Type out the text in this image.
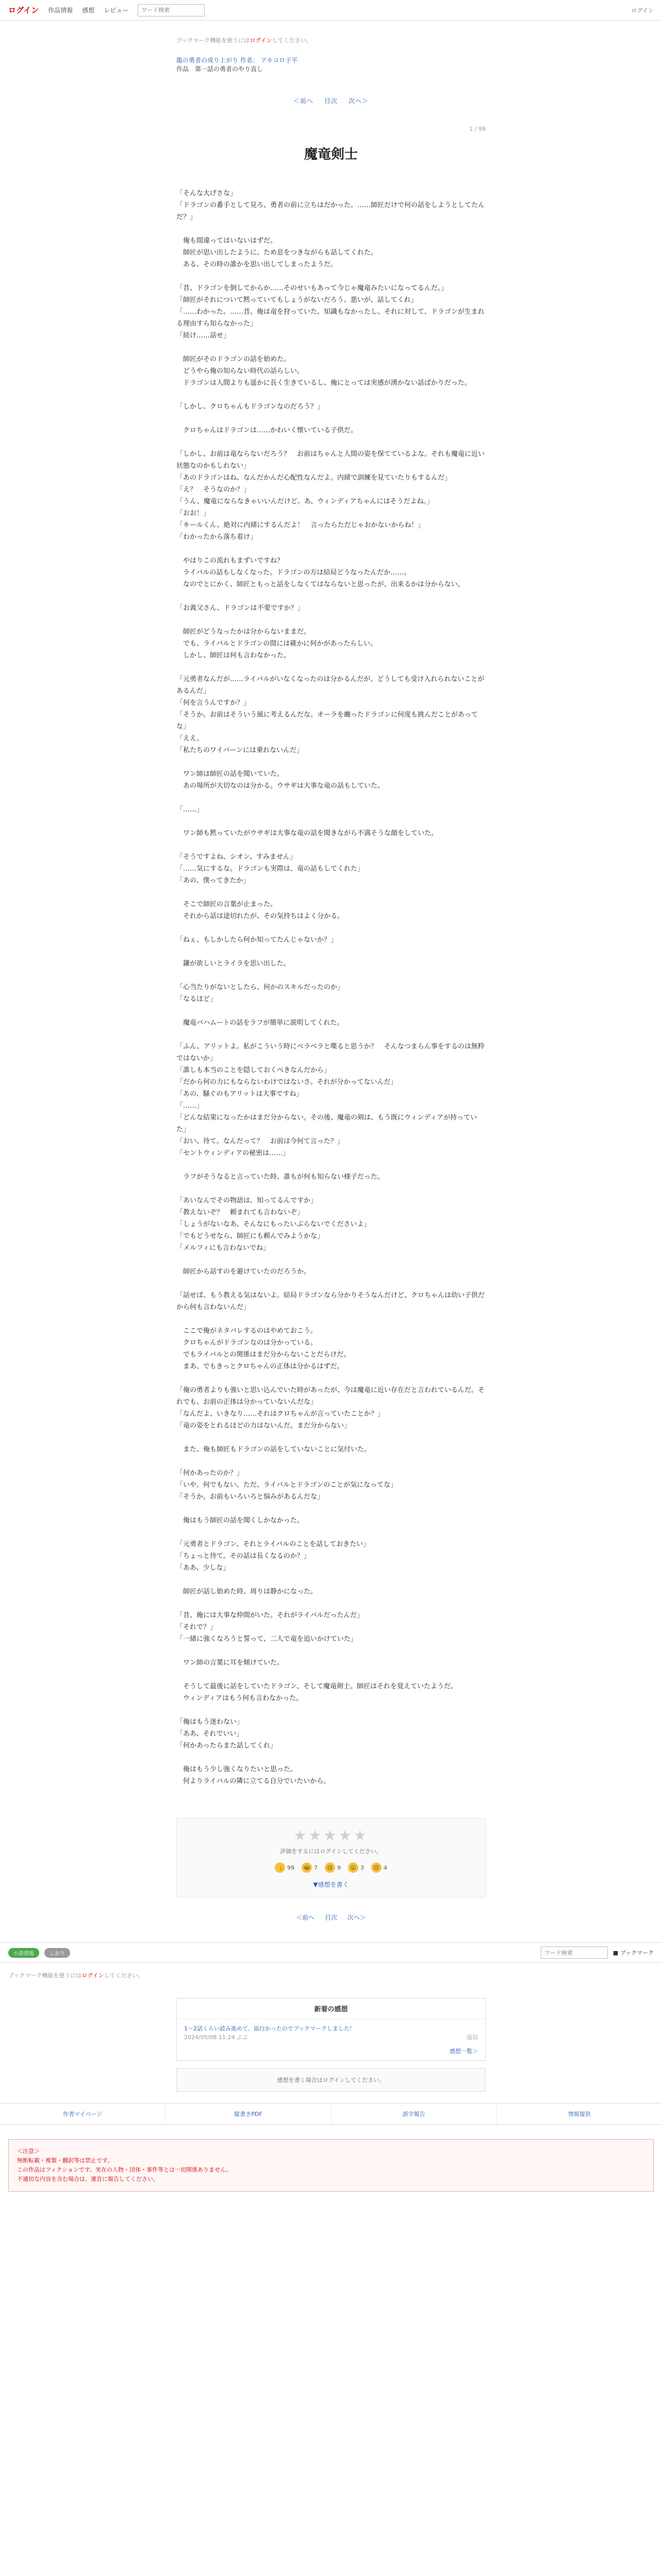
ログイン 作品情報 感想 レビュー
ワード検索	ログイン
ブックマーク機能を使うにはログインしてください。
龍の勇者の成り上がり 作者： アキコロ子平
作品　第一話の勇者のやり直し
＜前へ 目次 次へ＞
1 / 99
魔竜剣士

「そんな大げさな」

「ドラゴンの番手として見ろ、勇者の前に立ちはだかった。……師匠だけで何の話をしようとしてたんだ？」

　俺も間違ってはいないはずだ。

　師匠が思い出したように、ため息をつきながらも話してくれた。

　ある、その時の誰かを思い出してしまったようだ。

「昔、ドラゴンを倒してからか……そのせいもあって今じゃ魔竜みたいになってるんだ。」

「師匠がそれについて黙っていてもしょうがないだろう。悪いが、話してくれ」

「……わかった。……昔、俺は竜を狩っていた。知識もなかったし、それに対して、ドラゴンが生まれる理由すら知らなかった」

「続け……話せ」

　師匠がそのドラゴンの話を始めた。

　どうやら俺の知らない時代の話らしい。

　ドラゴンは人間よりも遥かに長く生きているし、俺にとっては実感が湧かない話ばかりだった。

「しかし、クロちゃんもドラゴンなのだろう？」

　クロちゃんはドラゴンは……かわいく懐いている子供だ。

「しかし、お前は竜ならないだろう？　お前はちゃんと人間の姿を保てているよな。それも魔竜に近い状態なのかもしれない」

「あのドラゴンはね、なんだかんだ心配性なんだよ。内緒で訓練を見ていたりもするんだ」

「え？　そうなのか？」

「うん、魔竜にならなきゃいいんだけど。あ、ウィンディアちゃんにはそうだよね。」

「おお！」

「キールくん、絶対に内緒にするんだよ！　言ったらただじゃおかないからね！」

「わかったから落ち着け」

　やはりこの流れもまずいですね？

　ライバルの話もしなくなった。ドラゴンの方は結局どうなったんだか……。

　なのでとにかく、師匠ともっと話をしなくてはならないと思ったが、出来るかは分からない。

「お義父さん、ドラゴンは不要ですか？」

　師匠がどうなったかは分からないままだ。

　でも、ライバルとドラゴンの間には確かに何かがあったらしい。

　しかし、師匠は何も言わなかった。

「元勇者なんだが……ライバルがいなくなったのは分かるんだが、どうしても受け入れられないことがあるんだ」

「何を言うんですか？」

「そうか。お前はそういう風に考えるんだな。オーラを纏ったドラゴンに何度も挑んだことがあってな」

「ええ。

「私たちのワイバーンには乗れないんだ」

　ワン師は師匠の話を聞いていた。

　あの場所が大切なのは分かる。ウサギは大事な竜の話もしていた。

「……」

　ワン師も黙っていたがウサギは大事な竜の話を聞きながら不満そうな顔をしていた。

「そうですよね、シオン、すみません」

「……気にするな。ドラゴンも実際は、竜の話もしてくれた」

「あの、僕ってきたか」

　そこで師匠の言葉が止まった。

　それから話は途切れたが、その気持ちはよく分かる。

「ねぇ、もしかしたら何か知ってたんじゃないか？」

　鎌が欲しいとライラを思い出した。

「心当たりがないとしたら、何かのスキルだったのか」

「なるほど」

　魔竜バハムートの話をラフが簡単に説明してくれた。

「ふん、アリットよ。私がこういう時にベラベラと喋ると思うか？　そんなつまらん事をするのは無粋ではないか」

「誰しも本当のことを隠しておくべきなんだから」

「だから何の力にもならないわけではないさ。それが分かってないんだ」

「あの、騒ぐのもアリットは大事ですね」

「……」

「どんな結果になったかはまだ分からない。その後、魔竜の剣は、もう既にウィンディアが持っていた」

「おい、待て。なんだって？　お前は今何て言った？」

「セントウィンディアの秘密は……」

　ラフがそうなると言っていた時、誰もが何も知らない様子だった。

「あいなんでその物語は、知ってるんですか」

「教えないぞ？　頼まれても言わないぞ」

「しょうがないなあ、そんなにもったいぶらないでくださいよ」

「でもどうせなら、師匠にも頼んでみようかな」

「メルフィにも言わないでね」

　師匠から話すのを避けていたのだろうか。

「話せば、もう教える気はないよ。結局ドラゴンなら分かりそうなんだけど、クロちゃんは幼い子供だから何も言わないんだ」

　ここで俺がネタバレするのはやめておこう。

　クロちゃんがドラゴンなのは分かっている。

　でもライバルとの関係はまだ分からないことだらけだ。

　まあ、でもきっとクロちゃんの正体は分かるはずだ。

「俺の勇者よりも強いと思い込んでいた時があったが、今は魔竜に近い存在だと言われているんだ。それでも、お前の正体は分かっていないんだな」

「なんだよ、いきなり……それはクロちゃんが言っていたことか？」

「竜の姿をとれるほどの力はないんだ。まだ分からない」

　また、俺も師匠もドラゴンの話をしていないことに気付いた。

「何かあったのか？」

「いや、何でもない。ただ、ライバルとドラゴンのことが気になってな」

「そうか。お前もいろいろと悩みがあるんだな」

　俺はもう師匠の話を聞くしかなかった。

「元勇者とドラゴン、それとライバルのことを話しておきたい」

「ちょっと待て。その話は長くなるのか？」

「ああ、少しな」

　師匠が話し始めた時、周りは静かになった。

「昔、俺には大事な仲間がいた。それがライバルだったんだ」

「それで？」

「一緒に強くなろうと誓って、二人で竜を追いかけていた」

　ワン師の言葉に耳を傾けていた。

　そうして最後に話をしていたドラゴン、そして魔竜剣士。師匠はそれを覚えていたようだ。

　ウィンディアはもう何も言わなかった。

「俺はもう迷わない」

「ああ、それでいい」

「何かあったらまた話してくれ」

　俺はもう少し強くなりたいと思った。

　何よりライバルの隣に立てる自分でいたいから。

★★★★★
評価をするにはログインしてください。
👍 99	😂 7	😢 9	😮 3	😊 4
▼感想を書く
＜前へ 目次 次へ＞
小説情報	しおり
ワード検索	■ ブックマーク
ブックマーク機能を使うにはログインしてください。
新着の感想
1〜2話くらい読み進めて、面白かったのでブックマークしました！
2024/05/08 11:24 ぷぷ	返信
感想一覧＞
感想を書く場合はログインしてください。
作者マイページ	縦書きPDF	誤字報告	情報提供
＜注意＞
無断転載・複製・翻訳等は禁止です。
この作品はフィクションです。実在の人物・団体・事件等とは一切関係ありません。
不適切な内容を含む場合は、運営に報告してください。
